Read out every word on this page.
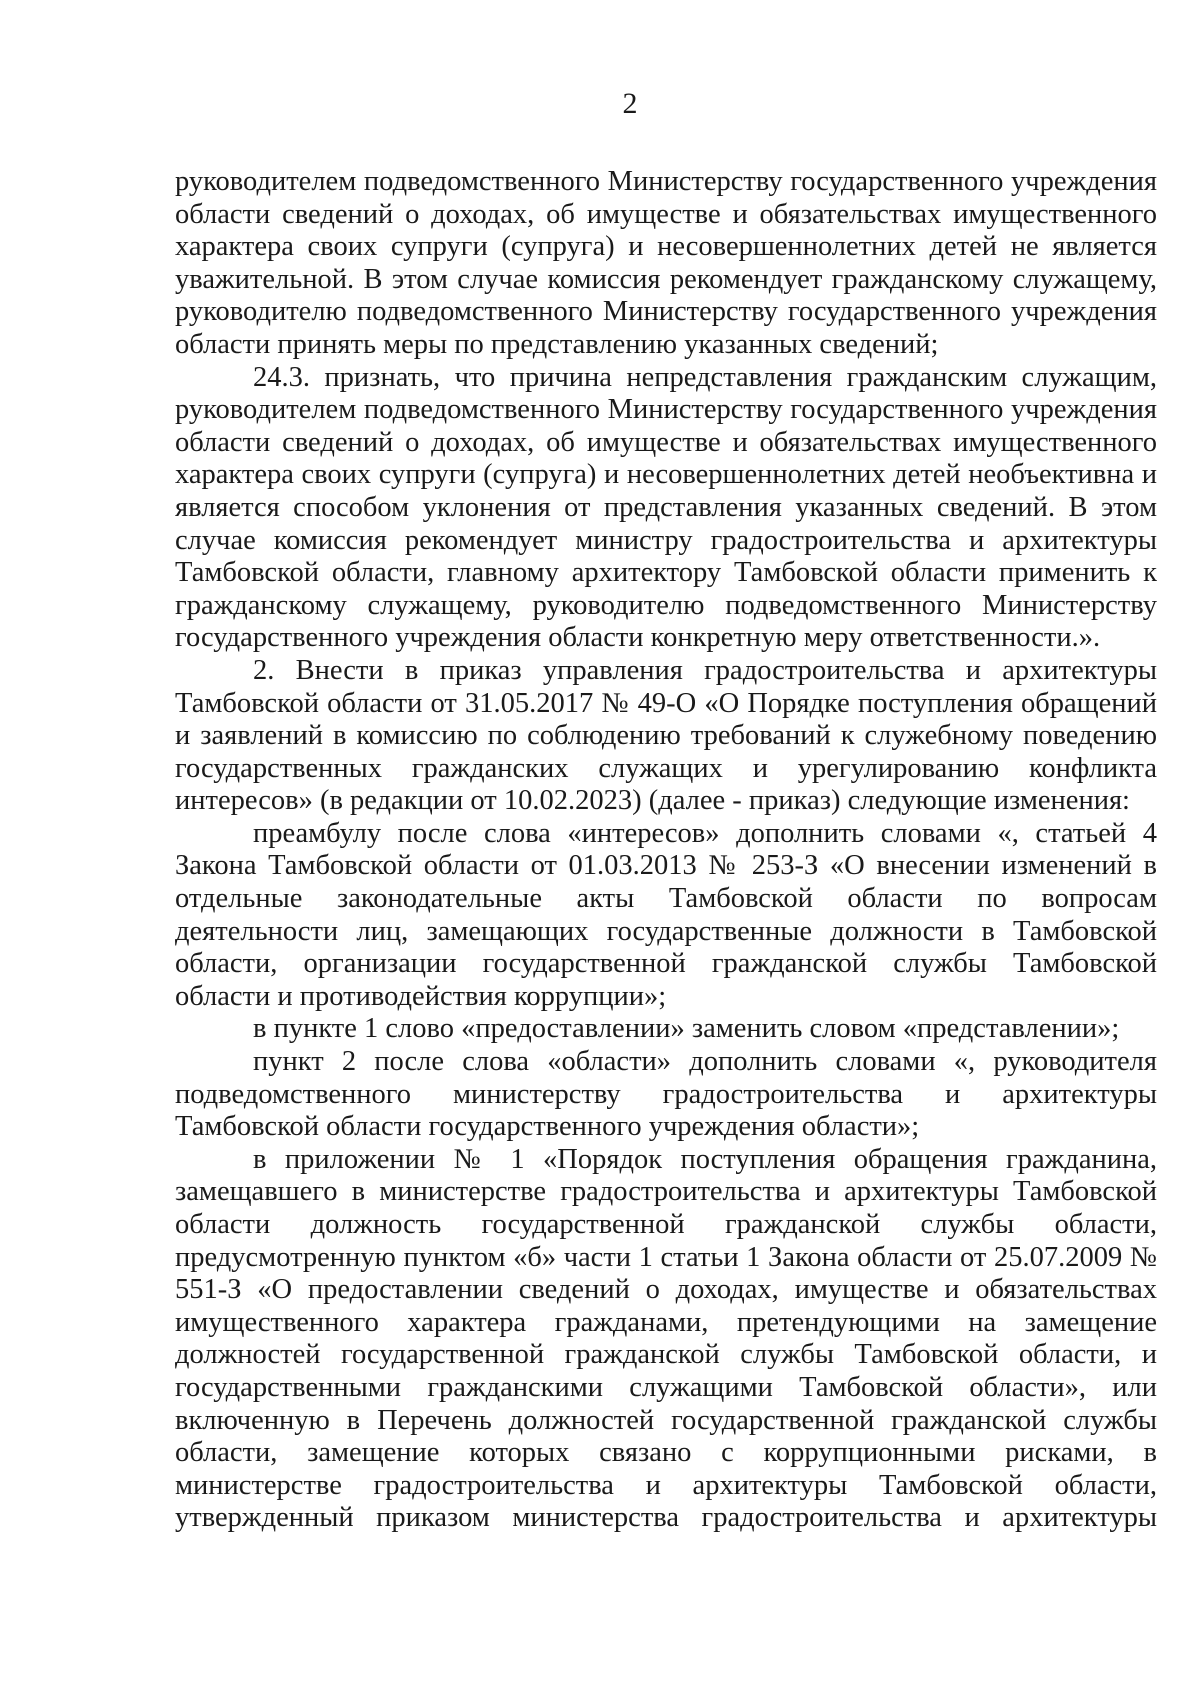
2

руководителем подведомственного Министерству государственного учреждения области сведений о доходах, об имуществе и обязательствах имущественного характера своих супруги (супруга) и несовершеннолетних детей не является уважительной. В этом случае комиссия рекомендует гражданскому служащему, руководителю подведомственного Министерству государственного учреждения области принять меры по представлению указанных сведений;

24.3. признать, что причина непредставления гражданским служащим, руководителем подведомственного Министерству государственного учреждения области сведений о доходах, об имуществе и обязательствах имущественного характера своих супруги (супруга) и несовершеннолетних детей необъективна и является способом уклонения от представления указанных сведений. В этом случае комиссия рекомендует министру градостроительства и архитектуры Тамбовской области, главному архитектору Тамбовской области применить к гражданскому служащему, руководителю подведомственного Министерству государственного учреждения области конкретную меру ответственности.».

2. Внести в приказ управления градостроительства и архитектуры Тамбовской области от 31.05.2017 № 49-О «О Порядке поступления обращений и заявлений в комиссию по соблюдению требований к служебному поведению государственных гражданских служащих и урегулированию конфликта интересов» (в редакции от 10.02.2023) (далее - приказ) следующие изменения:

преамбулу после слова «интересов» дополнить словами «, статьей 4 Закона Тамбовской области от 01.03.2013 № 253-З «О внесении изменений в отдельные законодательные акты Тамбовской области по вопросам деятельности лиц, замещающих государственные должности в Тамбовской области, организации государственной гражданской службы Тамбовской области и противодействия коррупции»;

в пункте 1 слово «предоставлении» заменить словом «представлении»;

пункт 2 после слова «области» дополнить словами «, руководителя подведомственного министерству градостроительства и архитектуры Тамбовской области государственного учреждения области»;

в приложении № 1 «Порядок поступления обращения гражданина, замещавшего в министерстве градостроительства и архитектуры Тамбовской области должность государственной гражданской службы области, предусмотренную пунктом «б» части 1 статьи 1 Закона области от 25.07.2009 № 551-З «О предоставлении сведений о доходах, имуществе и обязательствах имущественного характера гражданами, претендующими на замещение должностей государственной гражданской службы Тамбовской области, и государственными гражданскими служащими Тамбовской области», или включенную в Перечень должностей государственной гражданской службы области, замещение которых связано с коррупционными рисками, в министерстве градостроительства и архитектуры Тамбовской области, утвержденный приказом министерства градостроительства и архитектуры
